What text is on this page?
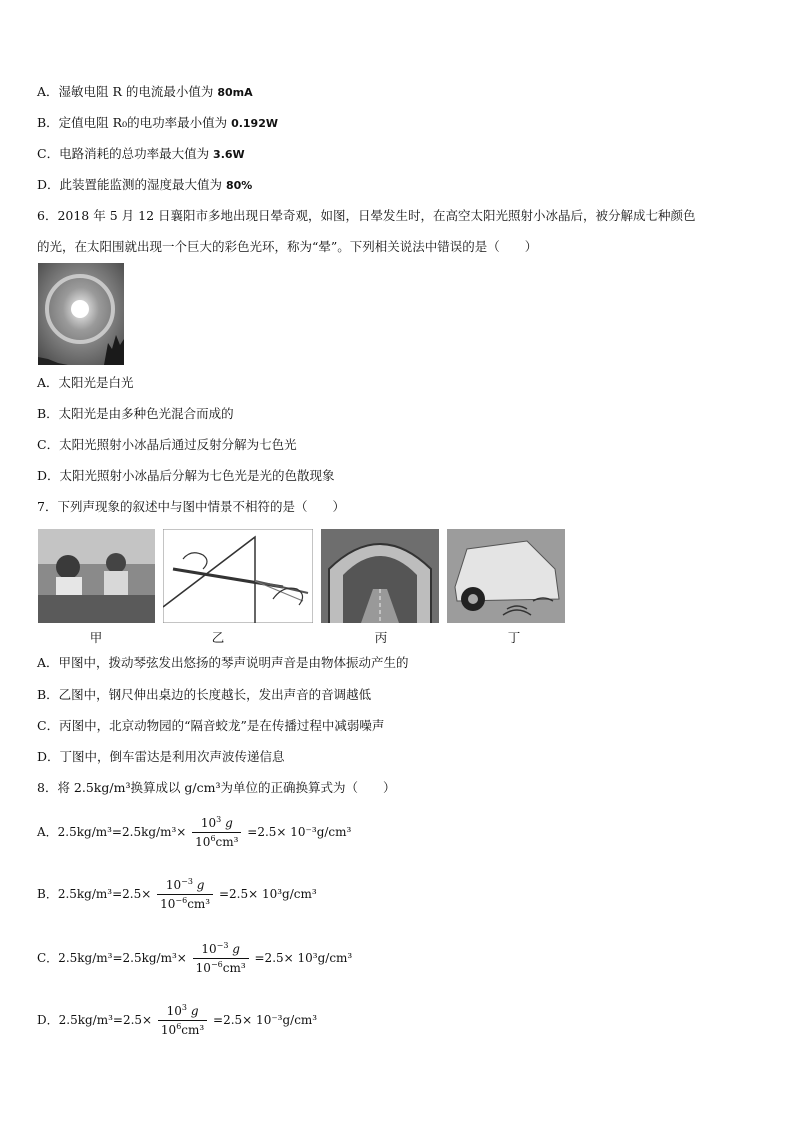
A．湿敏电阻 R 的电流最小值为 80mA
B．定值电阻 R₀的电功率最小值为 0.192W
C．电路消耗的总功率最大值为 3.6W
D．此装置能监测的湿度最大值为 80%
6．2018 年 5 月 12 日襄阳市多地出现日晕奇观，如图，日晕发生时，在高空太阳光照射小冰晶后，被分解成七种颜色
的光，在太阳围就出现一个巨大的彩色光环，称为“晕”。下列相关说法中错误的是（　　）
A．太阳光是白光
B．太阳光是由多种色光混合而成的
C．太阳光照射小冰晶后通过反射分解为七色光
D．太阳光照射小冰晶后分解为七色光是光的色散现象
7．下列声现象的叙述中与图中情景不相符的是（　　）
甲	乙	丙	丁
A．甲图中，拨动琴弦发出悠扬的琴声说明声音是由物体振动产生的
B．乙图中，钢尺伸出桌边的长度越长，发出声音的音调越低
C．丙图中，北京动物园的“隔音蛟龙”是在传播过程中减弱噪声
D．丁图中，倒车雷达是利用次声波传递信息
8．将 2.5kg/m³换算成以 g/cm³为单位的正确换算式为（　　）
A．$2.5kg/m^3=2.5kg/m^3\times \frac{10^3 g}{10^6cm^3} =2.5\times 10^{-3}g/cm^3$
B．$2.5kg/m^3=2.5\times \frac{10^{-3} g}{10^{-6}cm^3} =2.5\times 10^3g/cm^3$
C．$2.5kg/m^3=2.5kg/m^3\times \frac{10^{-3} g}{10^{-6}cm^3} =2.5\times 10^3g/cm^3$
D．$2.5kg/m^3=2.5\times \frac{10^3 g}{10^6cm^3} =2.5\times 10^{-3}g/cm^3$
